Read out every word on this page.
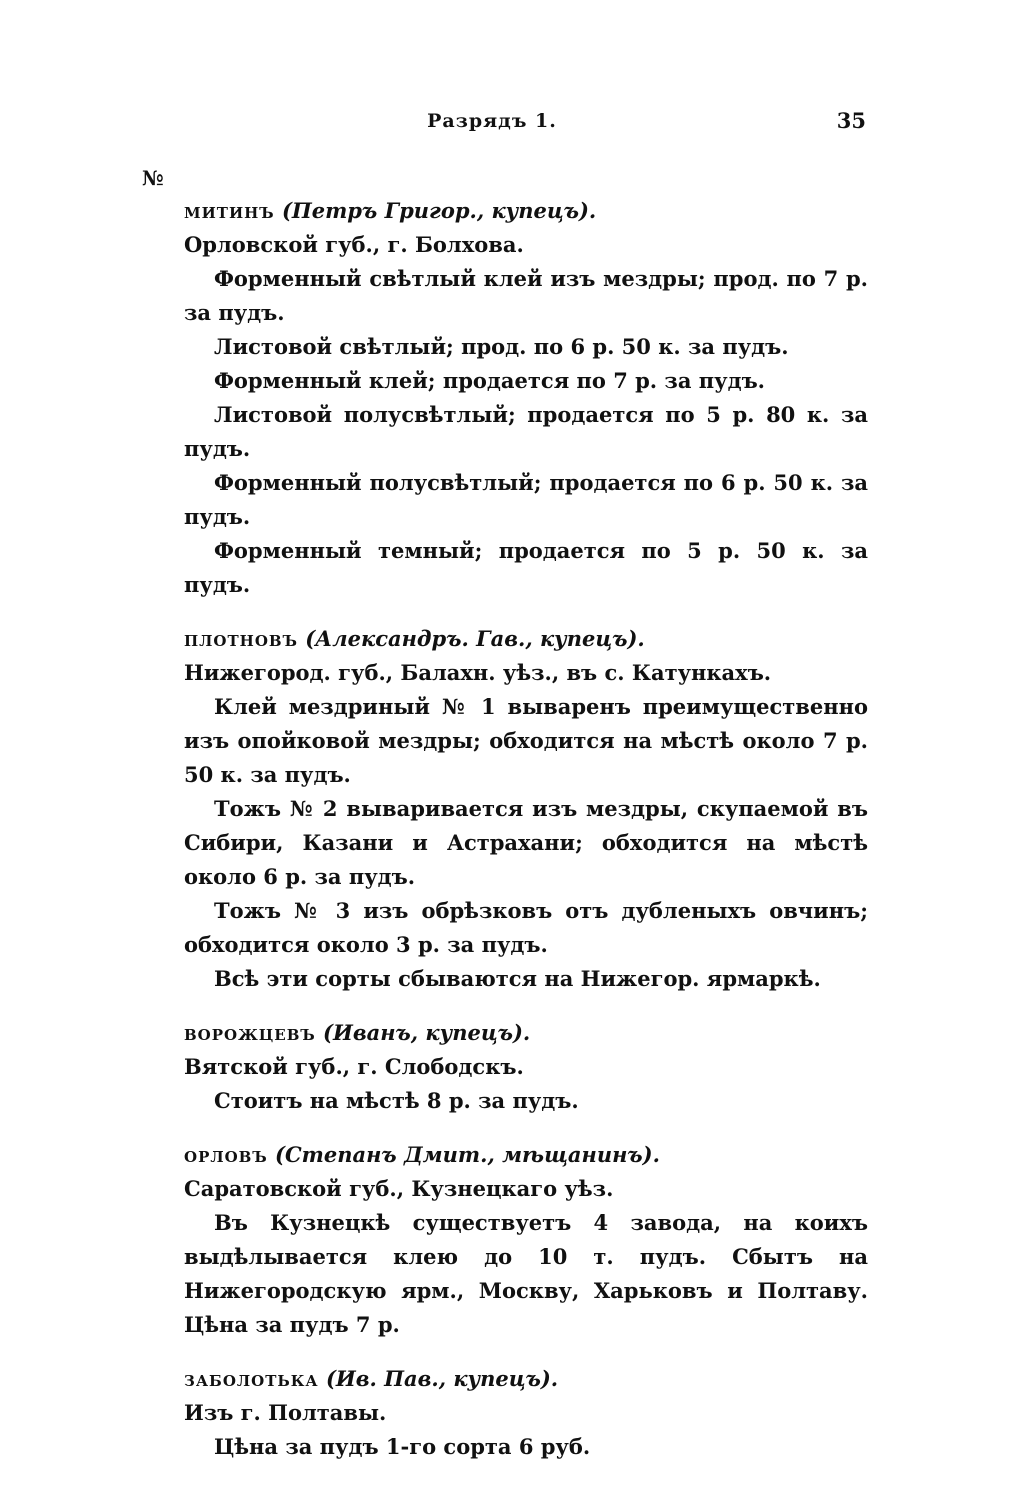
Разрядъ 1.	35
№

митинъ (Петръ Григор., купецъ).

Орловской губ., г. Болхова.

Форменный свѣтлый клей изъ мездры; прод. по 7 р. за пудъ.

Листовой свѣтлый; прод. по 6 р. 50 к. за пудъ.

Форменный клей; продается по 7 р. за пудъ.

Листовой полусвѣтлый; продается по 5 р. 80 к. за пудъ.

Форменный полусвѣтлый; продается по 6 р. 50 к. за пудъ.

Форменный темный; продается по 5 р. 50 к. за пудъ.

плотновъ (Александръ. Гав., купецъ).

Нижегород. губ., Балахн. уѣз., въ с. Катункахъ.

Клей мездриный № 1 вываренъ преимущественно изъ опойковой мездры; обходится на мѣстѣ около 7 р. 50 к. за пудъ.

Тожъ № 2 вываривается изъ мездры, скупаемой въ Сибири, Казани и Астрахани; обходится на мѣстѣ около 6 р. за пудъ.

Тожъ № 3 изъ обрѣзковъ отъ дубленыхъ овчинъ; обходится около 3 р. за пудъ.

Всѣ эти сорты сбываются на Нижегор. ярмаркѣ.

ворожцевъ (Иванъ, купецъ).

Вятской губ., г. Слободскъ.

Стоитъ на мѣстѣ 8 р. за пудъ.

орловъ (Степанъ Дмит., мѣщанинъ).

Саратовской губ., Кузнецкаго уѣз.

Въ Кузнецкѣ существуетъ 4 завода, на коихъ выдѣлывается клею до 10 т. пудъ. Сбытъ на Нижегородскую ярм., Москву, Харьковъ и Полтаву. Цѣна за пудъ 7 р.

заболотька (Ив. Пав., купецъ).

Изъ г. Полтавы.

Цѣна за пудъ 1-го сорта 6 руб.
